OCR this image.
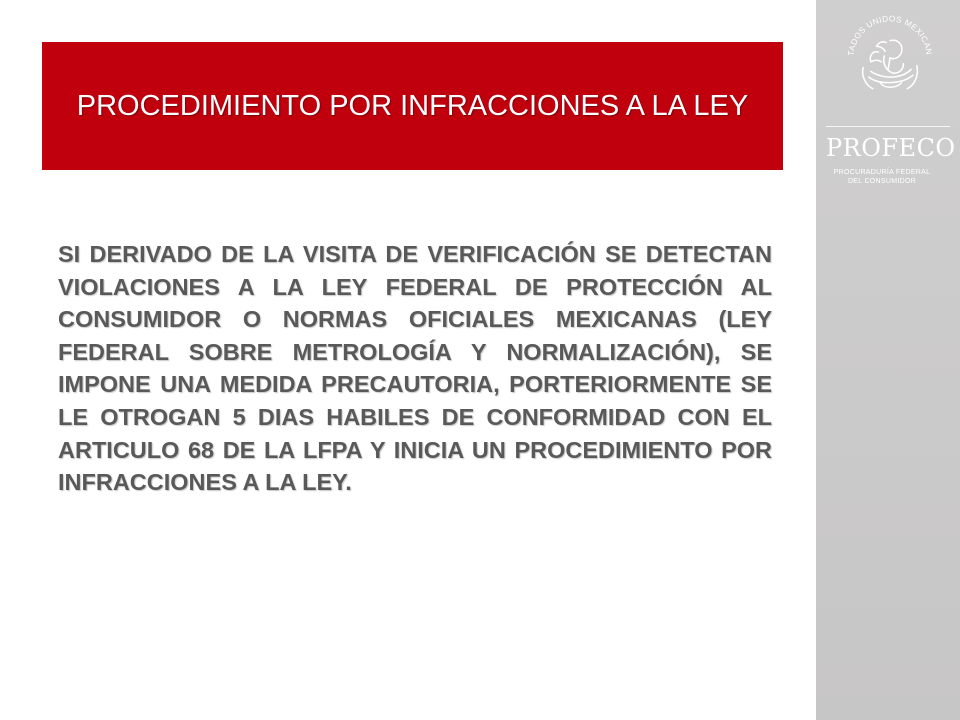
PROCEDIMIENTO POR INFRACCIONES A LA LEY
SI DERIVADO DE LA VISITA DE VERIFICACIÓN SE DETECTAN VIOLACIONES A LA LEY FEDERAL DE PROTECCIÓN AL CONSUMIDOR O NORMAS OFICIALES MEXICANAS (LEY FEDERAL SOBRE METROLOGÍA Y NORMALIZACIÓN), SE IMPONE UNA MEDIDA PRECAUTORIA, PORTERIORMENTE SE LE OTROGAN 5 DIAS HABILES DE CONFORMIDAD CON EL ARTICULO 68 DE LA LFPA Y INICIA UN PROCEDIMIENTO POR INFRACCIONES A LA LEY.
TADOS UNIDOS MEXICAN
PROFECO
PROCURADURÍA FEDERAL DEL CONSUMIDOR
